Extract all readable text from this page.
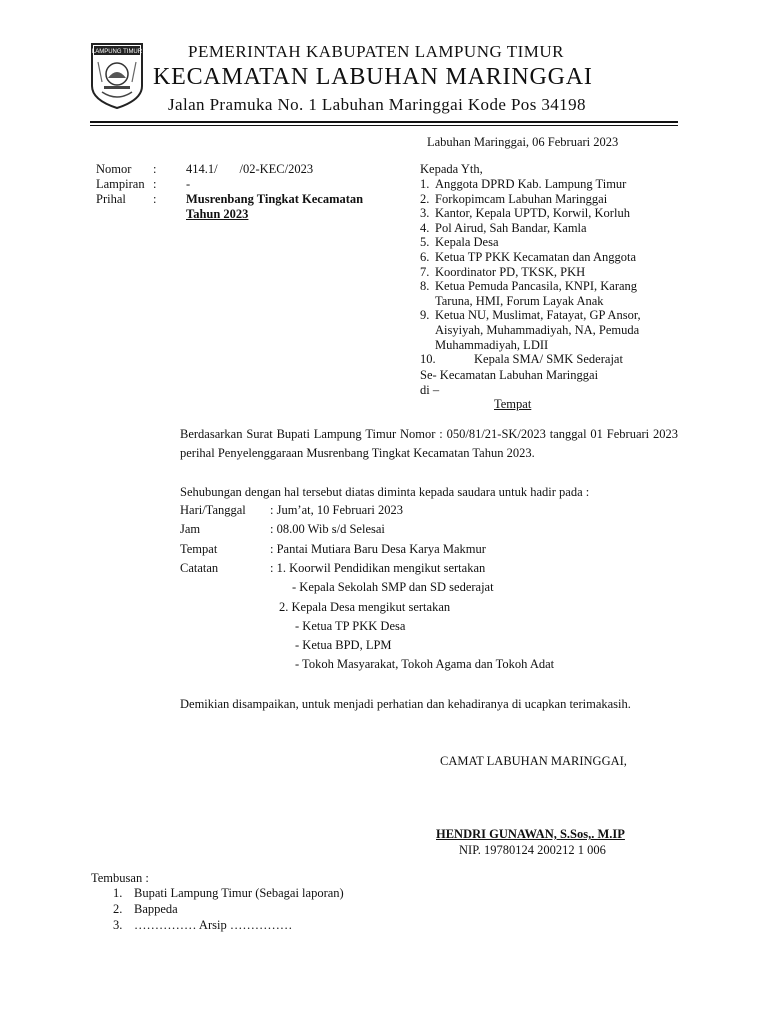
LAMPUNG TIMUR	PEMERINTAH KABUPATEN LAMPUNG TIMUR
KECAMATAN LABUHAN MARINGGAI
Jalan Pramuka No. 1 Labuhan Maringgai Kode Pos 34198
Labuhan Maringgai, 06 Februari 2023
Nomor : 414.1/       /02-KEC/2023
Lampiran : -
Prihal : Musrenbang Tingkat Kecamatan
Tahun 2023
Kepada Yth,
1. Anggota DPRD Kab. Lampung Timur
2. Forkopimcam Labuhan Maringgai
3. Kantor, Kepala UPTD, Korwil, Korluh
4. Pol Airud, Sah Bandar, Kamla
5. Kepala Desa
6. Ketua TP PKK Kecamatan dan Anggota
7. Koordinator PD, TKSK, PKH
8. Ketua Pemuda Pancasila, KNPI, Karang
Taruna, HMI, Forum Layak Anak
9. Ketua NU, Muslimat, Fatayat, GP Ansor,
Aisyiyah, Muhammadiyah, NA, Pemuda
Muhammadiyah, LDII
10.	Kepala SMA/ SMK Sederajat
Se- Kecamatan Labuhan Maringgai
di –
Tempat
Berdasarkan Surat Bupati Lampung Timur Nomor : 050/81/21-SK/2023 tanggal 01 Februari 2023 perihal Penyelenggaraan Musrenbang Tingkat Kecamatan Tahun 2023.
Sehubungan dengan hal tersebut diatas diminta kepada saudara untuk hadir pada :
Hari/Tanggal : Jum’at, 10 Februari 2023
Jam	: 08.00 Wib s/d Selesai
Tempat	: Pantai Mutiara Baru Desa Karya Makmur
Catatan	: 1. Koorwil Pendidikan mengikut sertakan
- Kepala Sekolah SMP dan SD sederajat
2. Kepala Desa mengikut sertakan
- Ketua TP PKK Desa
- Ketua BPD, LPM
- Tokoh Masyarakat, Tokoh Agama dan Tokoh Adat
Demikian disampaikan, untuk menjadi perhatian dan kehadiranya di ucapkan terimakasih.
CAMAT LABUHAN MARINGGAI,
HENDRI GUNAWAN, S.Sos,. M.IP
NIP. 19780124 200212 1 006
Tembusan :
1. Bupati Lampung Timur (Sebagai laporan)
2. Bappeda
3. …………… Arsip ……………
